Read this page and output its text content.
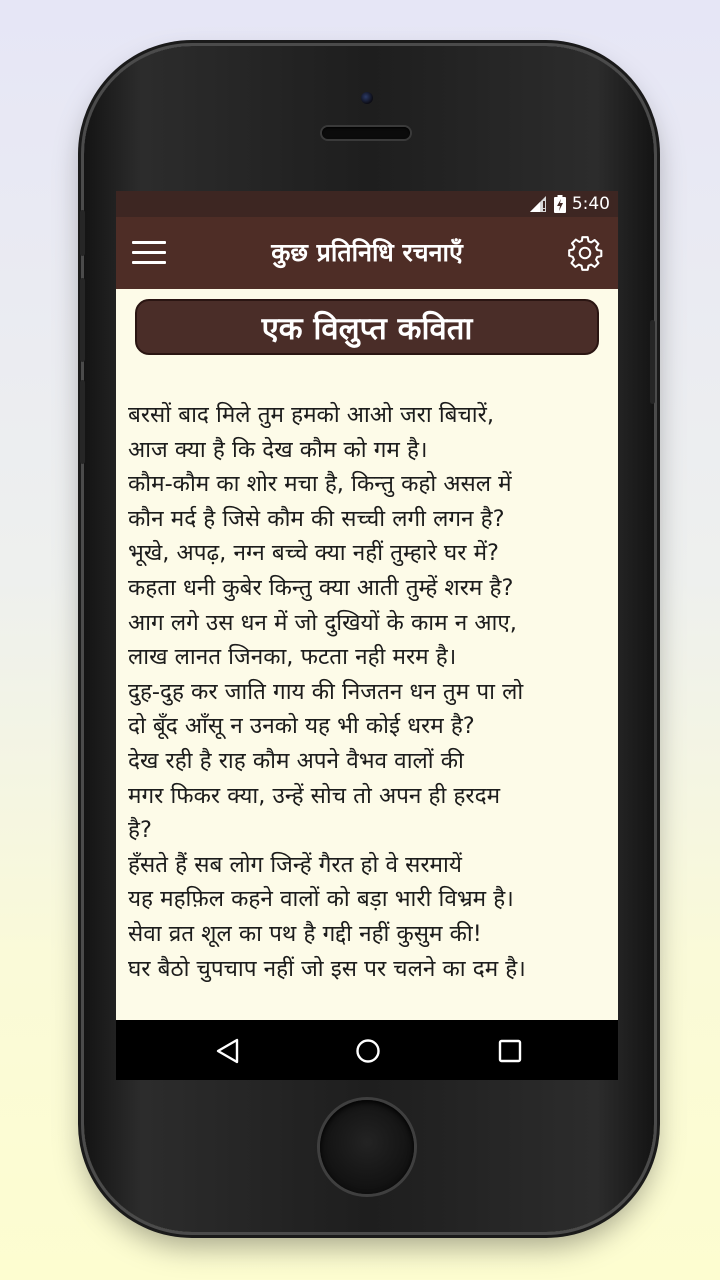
5:40
कुछ प्रतिनिधि रचनाएँ
एक विलुप्त कविता
बरसों बाद मिले तुम हमको आओ जरा बिचारें,
आज क्या है कि देख कौम को गम है।
कौम-कौम का शोर मचा है, किन्तु कहो असल में
कौन मर्द है जिसे कौम की सच्ची लगी लगन है?
भूखे, अपढ़, नग्न बच्चे क्या नहीं तुम्हारे घर में?
कहता धनी कुबेर किन्तु क्या आती तुम्हें शरम है?
आग लगे उस धन में जो दुखियों के काम न आए,
लाख लानत जिनका, फटता नही मरम है।
दुह-दुह कर जाति गाय की निजतन धन तुम पा लो
दो बूँद आँसू न उनको यह भी कोई धरम है?
देख रही है राह कौम अपने वैभव वालों की
मगर फिकर क्या, उन्हें सोच तो अपन ही हरदम
है?
हँसते हैं सब लोग जिन्हें गैरत हो वे सरमायें
यह महफ़िल कहने वालों को बड़ा भारी विभ्रम है।
सेवा व्रत शूल का पथ है गद्दी नहीं कुसुम की!
घर बैठो चुपचाप नहीं जो इस पर चलने का दम है।
